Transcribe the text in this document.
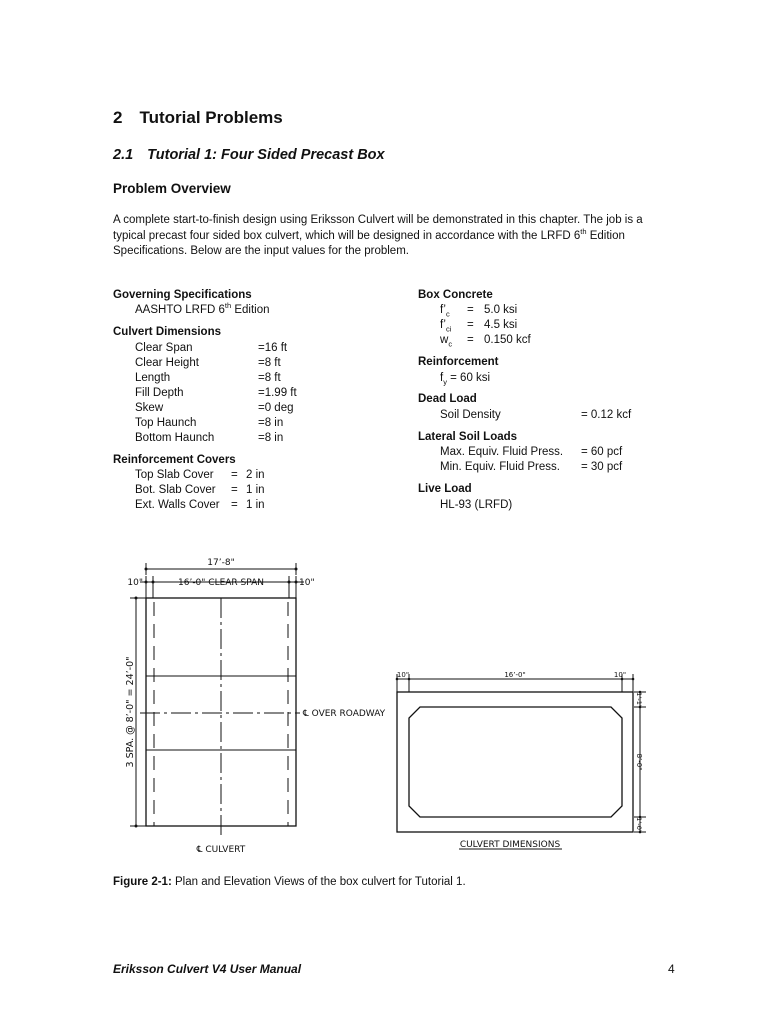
2 Tutorial Problems
2.1 Tutorial 1: Four Sided Precast Box
Problem Overview
A complete start-to-finish design using Eriksson Culvert will be demonstrated in this chapter. The job is a typical precast four sided box culvert, which will be designed in accordance with the LRFD 6th Edition Specifications. Below are the input values for the problem.
Governing Specifications
AASHTO LRFD 6th Edition
Culvert Dimensions
Clear Span	=16 ft
Clear Height	=8 ft
Length	=8 ft
Fill Depth	=1.99 ft
Skew	=0 deg
Top Haunch	=8 in
Bottom Haunch	=8 in
Reinforcement Covers
Top Slab Cover = 2 in
Bot. Slab Cover = 1 in
Ext. Walls Cover = 1 in
Box Concrete
$f’_c = 5.0$ ksi
$f’_{ci} = 4.5$ ksi
$w_c = 0.150$ kcf
Reinforcement
$f_y = 60$ ksi
Dead Load
Soil Density	= 0.12 kcf
Lateral Soil Loads
Max. Equiv. Fluid Press. = 60 pcf
Min. Equiv. Fluid Press. = 30 pcf
Live Load
HL-93 (LRFD)
17’-8"
10"	16’-0" CLEAR SPAN	10"
3 SPA. @ 8’-0" = 24’-0"	℄ OVER ROADWAY
℄ CULVERT
10"	16’-0"	10"
1’-1"
8’-0"
1’-0"
CULVERT DIMENSIONS
Figure 2-1: Plan and Elevation Views of the box culvert for Tutorial 1.
Eriksson Culvert V4 User Manual	4
